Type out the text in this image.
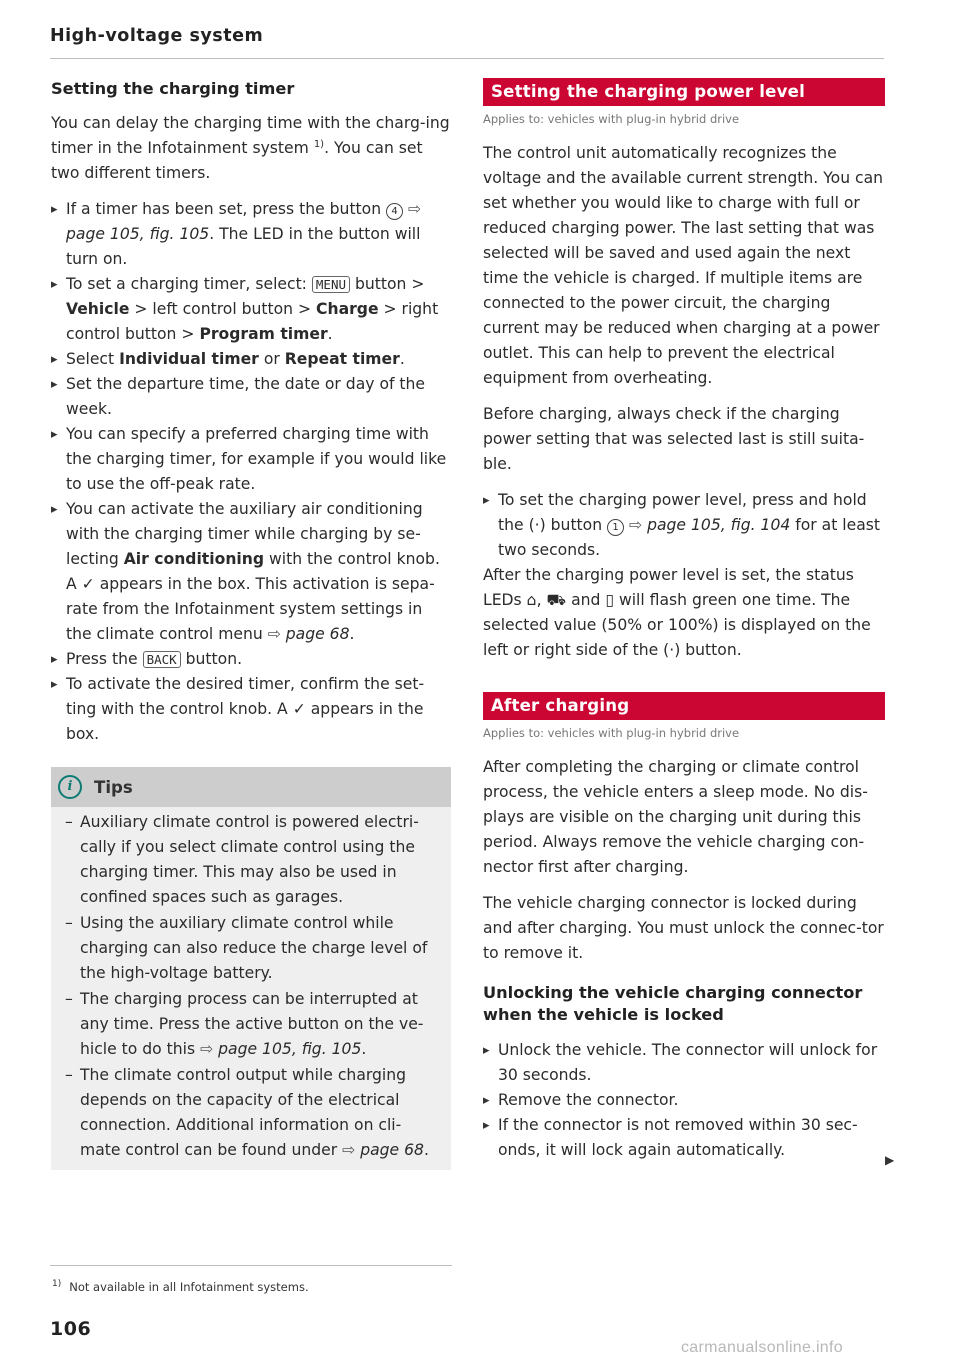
High-voltage system
Setting the charging timer

You can delay the charging time with the charg-ing timer in the Infotainment system $^{1)}$. You can set two different timers.

▸ If a timer has been set, press the button 4 ⇨ page 105, fig. 105. The LED in the button will turn on.
▸ To set a charging timer, select: MENU button > Vehicle > left control button > Charge > right control button > Program timer.
▸ Select Individual timer or Repeat timer.
▸ Set the departure time, the date or day of the week.
▸ You can specify a preferred charging time with the charging timer, for example if you would like to use the off-peak rate.
▸ You can activate the auxiliary air conditioning with the charging timer while charging by se-lecting Air conditioning with the control knob. A ✓ appears in the box. This activation is sepa-rate from the Infotainment system settings in the climate control menu ⇨ page 68.
▸ Press the BACK button.
▸ To activate the desired timer, confirm the set-ting with the control knob. A ✓ appears in the box.
i	Tips
– Auxiliary climate control is powered electri-cally if you select climate control using the charging timer. This may also be used in confined spaces such as garages.
– Using the auxiliary climate control while charging can also reduce the charge level of the high-voltage battery.
– The charging process can be interrupted at any time. Press the active button on the ve-hicle to do this ⇨ page 105, fig. 105.
– The climate control output while charging depends on the capacity of the electrical connection. Additional information on cli-mate control can be found under ⇨ page 68.
Setting the charging power level
Applies to: vehicles with plug-in hybrid drive

The control unit automatically recognizes the voltage and the available current strength. You can set whether you would like to charge with full or reduced charging power. The last setting that was selected will be saved and used again the next time the vehicle is charged. If multiple items are connected to the power circuit, the charging current may be reduced when charging at a power outlet. This can help to prevent the electrical equipment from overheating.

Before charging, always check if the charging power setting that was selected last is still suita-ble.

▸ To set the charging power level, press and hold the (·) button 1 ⇨ page 105, fig. 104 for at least two seconds.

After the charging power level is set, the status LEDs ⌂, ⛟ and ▯ will flash green one time. The selected value (50% or 100%) is displayed on the left or right side of the (·) button.

After charging
Applies to: vehicles with plug-in hybrid drive

After completing the charging or climate control process, the vehicle enters a sleep mode. No dis-plays are visible on the charging unit during this period. Always remove the vehicle charging con-nector first after charging.

The vehicle charging connector is locked during and after charging. You must unlock the connec-tor to remove it.

Unlocking the vehicle charging connector when the vehicle is locked
▸ Unlock the vehicle. The connector will unlock for 30 seconds.
▸ Remove the connector.
▸ If the connector is not removed within 30 sec-onds, it will lock again automatically.
▶
$^{1)}$ Not available in all Infotainment systems.
106
carmanualsonline.info
